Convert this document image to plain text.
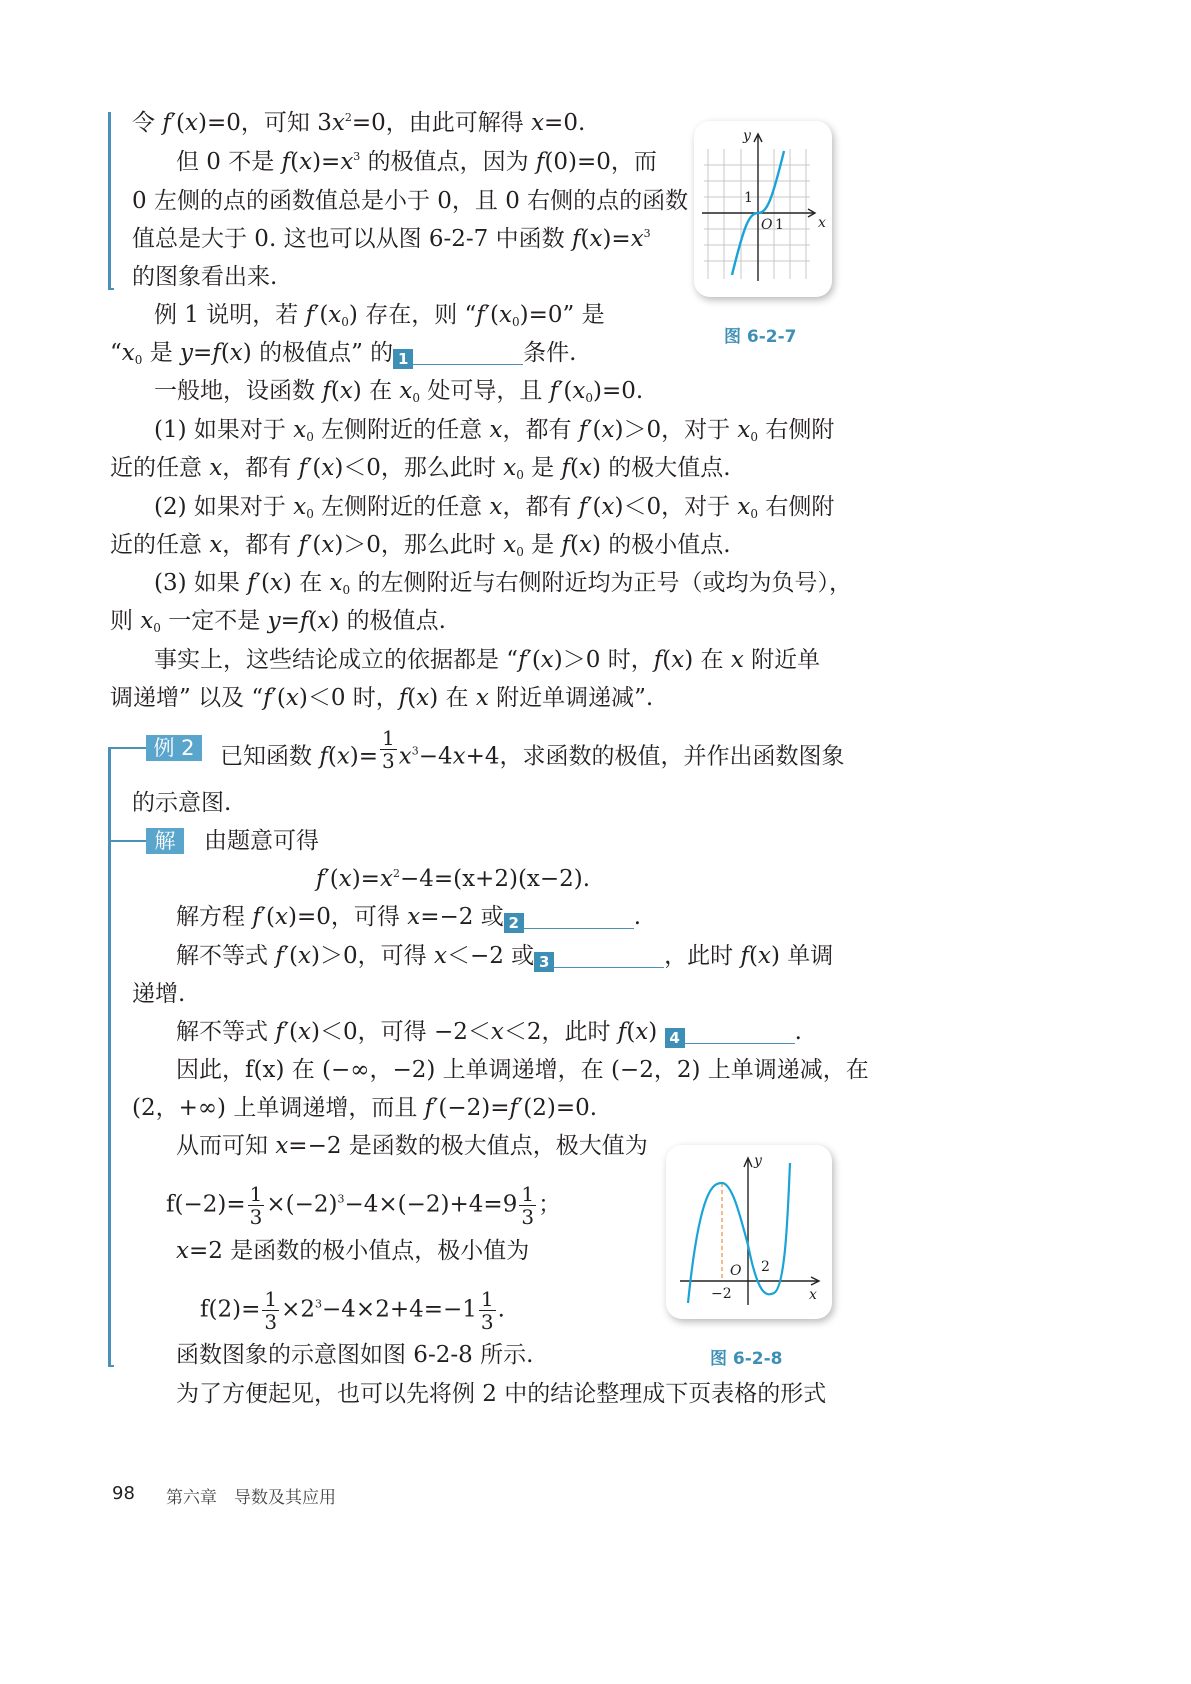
令 f′(x)=0，可知 $3x^2=0$，由此可解得 x=0.
但 0 不是 $f(x)=x^3$ 的极值点，因为 f(0)=0，而
0 左侧的点的函数值总是小于 0，且 0 右侧的点的函数
值总是大于 0. 这也可以从图 6-2-7 中函数 $f(x)=x^3$
的图象看出来.
y
x
O
1
1
图 6-2-7
例 1 说明，若 $f'(x_0)$ 存在，则 “$f'(x_0)=0$” 是
“$x_0$ 是 y=f(x) 的极值点” 的 1	条件.
一般地，设函数 f(x) 在 $x_0$ 处可导，且 $f'(x_0)=0$.
(1) 如果对于 $x_0$ 左侧附近的任意 x，都有 f′(x)＞0，对于 $x_0$ 右侧附
近的任意 x，都有 f′(x)＜0，那么此时 $x_0$ 是 f(x) 的极大值点.
(2) 如果对于 $x_0$ 左侧附近的任意 x，都有 f′(x)＜0，对于 $x_0$ 右侧附
近的任意 x，都有 f′(x)＞0，那么此时 $x_0$ 是 f(x) 的极小值点.
(3) 如果 f′(x) 在 $x_0$ 的左侧附近与右侧附近均为正号（或均为负号），
则 $x_0$ 一定不是 y=f(x) 的极值点.
事实上，这些结论成立的依据都是 “f′(x)＞0 时，f(x) 在 x 附近单
调递增” 以及 “f′(x)＜0 时，f(x) 在 x 附近单调递减”.
例 2	已知函数 $f(x)= \frac{1}{3} x^3-4x+4$，求函数的极值，并作出函数图象
的示意图.
解	由题意可得
$f'(x)=x^2-4=(x+2)(x-2)$.
解方程 f′(x)=0，可得 x=−2 或 2	.
解不等式 f′(x)＞0，可得 x＜−2 或 3	，此时 f(x) 单调
递增.
解不等式 f′(x)＜0，可得 −2＜x＜2，此时 f(x) 4	.
因此，f(x) 在 (−∞，−2) 上单调递增，在 (−2，2) 上单调递减，在
(2，+∞) 上单调递增，而且 f′(−2)=f′(2)=0.
从而可知 x=−2 是函数的极大值点，极大值为
$f(-2)= \frac{1}{3} \times(-2)^3-4\times(-2)+4=9 \frac{1}{3}$ ；
x=2 是函数的极小值点，极小值为
$f(2)= \frac{1}{3} \times 2^3-4\times 2+4=-1 \frac{1}{3}$ .
函数图象的示意图如图 6-2-8 所示.
为了方便起见，也可以先将例 2 中的结论整理成下页表格的形式
y
x
O 2
−2
图 6-2-8
98 第六章　导数及其应用
